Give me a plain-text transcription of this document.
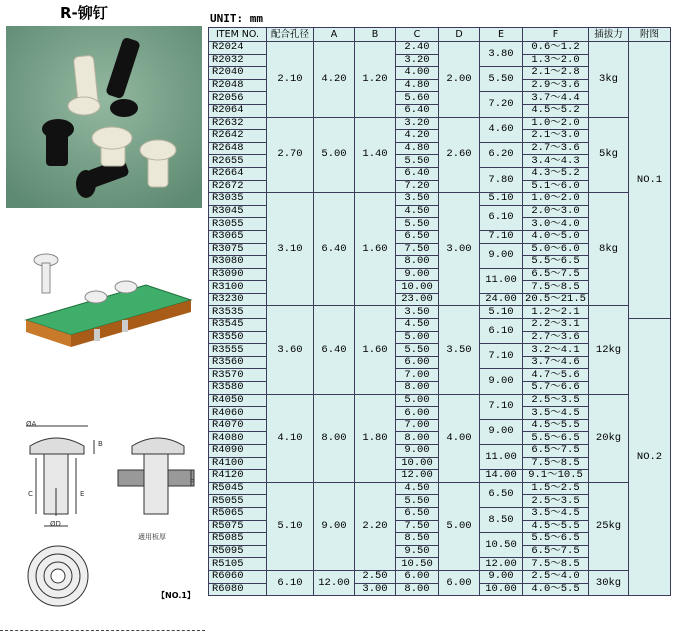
R-铆钉
ØA
B
C	E
ØD
F
適用板厚
【NO.1】
UNIT: mm
ITEM NO.	配合孔径	A	B	C	D	E	F	插拔力	附图
R2024	2.10	4.20	1.20	2.40	2.00	3.80	0.6～1.2	3kg	NO.1
R2032				3.20			1.3～2.0		
R2040				4.00		5.50	2.1～2.8		
R2048				4.80			2.9～3.6		
R2056				5.60		7.20	3.7～4.4		
R2064				6.40			4.5～5.2		
R2632	2.70	5.00	1.40	3.20	2.60	4.60	1.0～2.0	5kg	
R2642				4.20			2.1～3.0		
R2648				4.80		6.20	2.7～3.6		
R2655				5.50			3.4～4.3		
R2664				6.40		7.80	4.3～5.2		
R2672				7.20			5.1～6.0		
R3035	3.10	6.40	1.60	3.50	3.00	5.10	1.0～2.0	8kg	
R3045				4.50		6.10	2.0～3.0		
R3055				5.50			3.0～4.0		
R3065				6.50		7.10	4.0～5.0		
R3075				7.50		9.00	5.0～6.0		
R3080				8.00			5.5～6.5		
R3090				9.00		11.00	6.5～7.5		
R3100				10.00			7.5～8.5		
R3230				23.00		24.00	20.5～21.5		
R3535	3.60	6.40	1.60	3.50	3.50	5.10	1.2～2.1	12kg	
R3545				4.50		6.10	2.2～3.1		NO.2
R3550				5.00			2.7～3.6		
R3555				5.50		7.10	3.2～4.1		
R3560				6.00			3.7～4.6		
R3570				7.00		9.00	4.7～5.6		
R3580				8.00			5.7～6.6		
R4050	4.10	8.00	1.80	5.00	4.00	7.10	2.5～3.5	20kg	
R4060				6.00			3.5～4.5		
R4070				7.00		9.00	4.5～5.5		
R4080				8.00			5.5～6.5		
R4090				9.00		11.00	6.5～7.5		
R4100				10.00			7.5～8.5		
R4120				12.00		14.00	9.1～10.5		
R5045	5.10	9.00	2.20	4.50	5.00	6.50	1.5～2.5	25kg	
R5055				5.50			2.5～3.5		
R5065				6.50		8.50	3.5～4.5		
R5075				7.50			4.5～5.5		
R5085				8.50		10.50	5.5～6.5		
R5095				9.50			6.5～7.5		
R5105				10.50		12.00	7.5～8.5		
R6060	6.10	12.00	2.50	6.00	6.00	9.00	2.5～4.0	30kg	
R6080			3.00	8.00		10.00	4.0～5.5		
